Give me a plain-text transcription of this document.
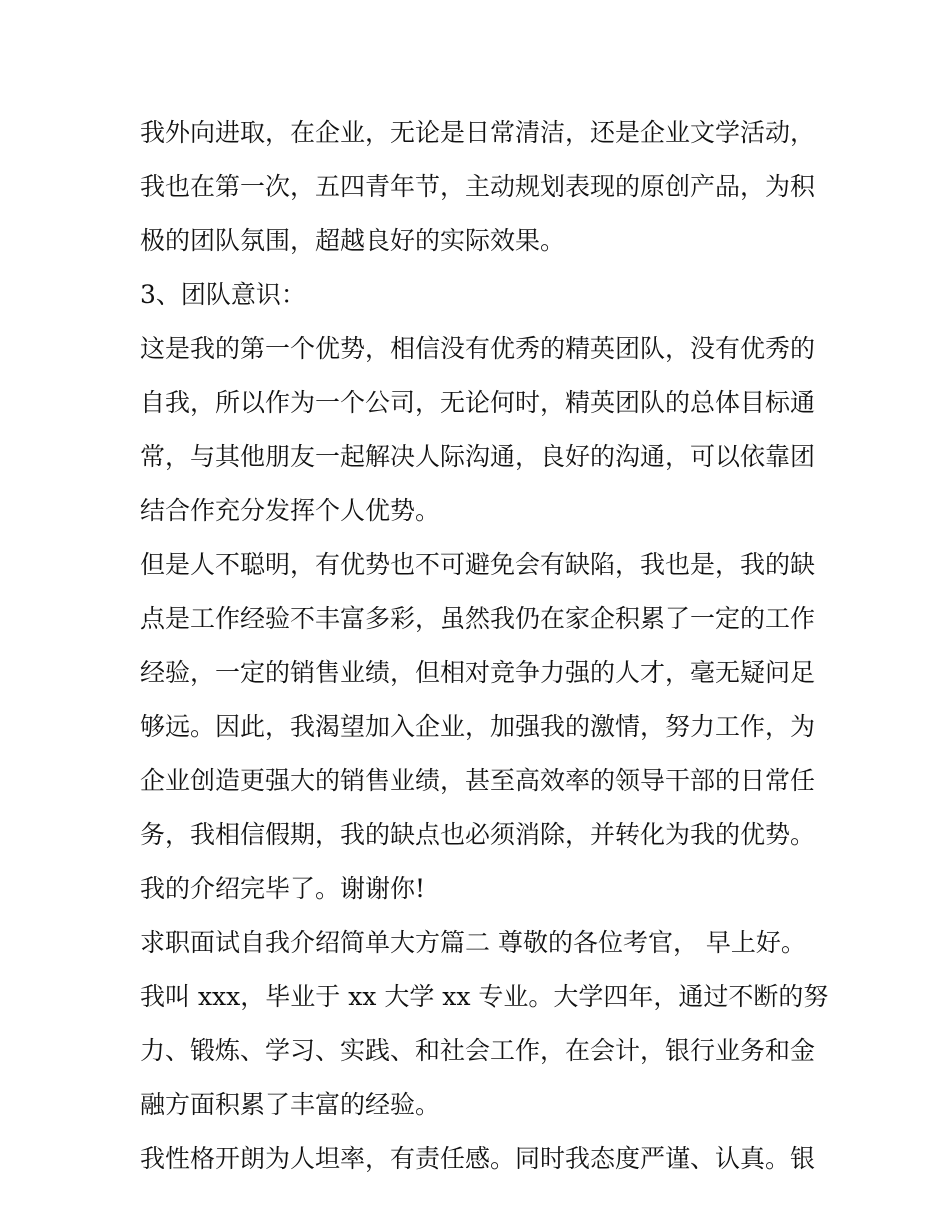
我外向进取，在企业，无论是日常清洁，还是企业文学活动，
我也在第一次，五四青年节，主动规划表现的原创产品，为积
极的团队氛围，超越良好的实际效果。
3、团队意识：
这是我的第一个优势，相信没有优秀的精英团队，没有优秀的
自我，所以作为一个公司，无论何时，精英团队的总体目标通
常，与其他朋友一起解决人际沟通，良好的沟通，可以依靠团
结合作充分发挥个人优势。
但是人不聪明，有优势也不可避免会有缺陷，我也是，我的缺
点是工作经验不丰富多彩，虽然我仍在家企积累了一定的工作
经验，一定的销售业绩，但相对竞争力强的人才，毫无疑问足
够远。因此，我渴望加入企业，加强我的激情，努力工作，为
企业创造更强大的销售业绩，甚至高效率的领导干部的日常任
务，我相信假期，我的缺点也必须消除，并转化为我的优势。
我的介绍完毕了。谢谢你!
求职面试自我介绍简单大方篇二 尊敬的各位考官， 早上好。
我叫 xxx，毕业于 xx 大学 xx 专业。大学四年，通过不断的努
力、锻炼、学习、实践、和社会工作，在会计，银行业务和金
融方面积累了丰富的经验。
我性格开朗为人坦率，有责任感。同时我态度严谨、认真。银
